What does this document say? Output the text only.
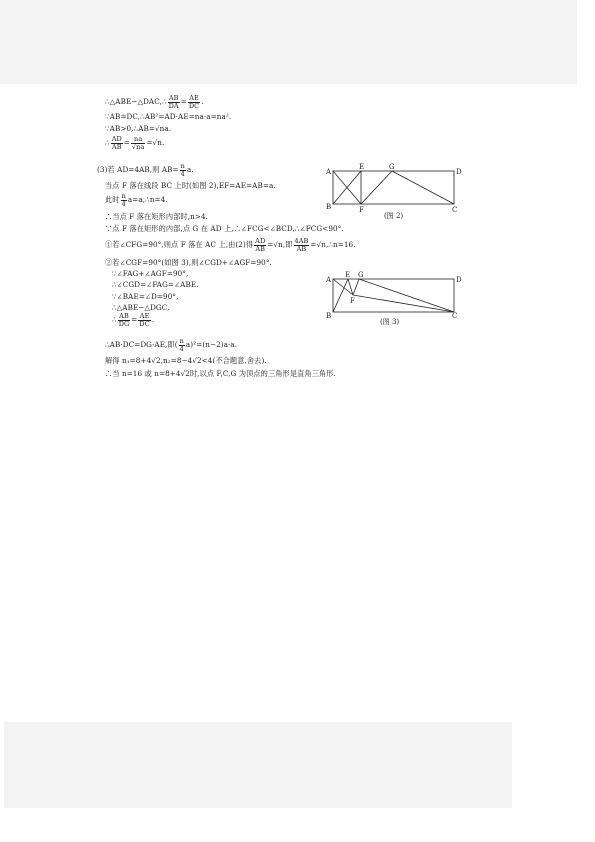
∴△ABE∽△DAC,∴ $\frac{AB}{DA} = \frac{AE}{DC}$ .
∵AB=DC,∴AB²=AD·AE=na·a=na².
∵AB>0,∴AB=√na.
∴ $\frac{AD}{AB} = \frac{na}{√na} =√n$.
(3)若 AD=4AB,则 $AB= \frac{n}{4} a$.
当点 F 落在线段 BC 上时(如图 2),EF=AE=AB=a.
此时 $\frac{n}{4}$ a=a,∴n=4.
∴当点 F 落在矩形内部时,n>4.
∵点 F 落在矩形的内部,点 G 在 AD 上,∴∠FCG<∠BCD,∴∠FCG<90°.
①若∠CFG=90°,则点 F 落在 AC 上,由(2)得 $\frac{AD}{AB} =√n$,即 $\frac{4AB}{AB}$ =√n,∴n=16.
②若∠CGF=90°(如图 3),则∠CGD+∠AGF=90°.
∵∠FAG+∠AGF=90°,
∴∠CGD=∠FAG=∠ABE.
∵∠BAE=∠D=90°,
∴△ABE∽△DGC,
∴ $\frac{AB}{DG} = \frac{AE}{DC}$ .
∴AB·DC=DG·AE,即( $\frac{n}{4} a)^2=(n-2)a\cdot a$.
解得 n₁=8+4√2,n₂=8−4√2<4(不合题意,舍去).
∴当 n=16 或 n=8+4√2时,以点 F,C,G 为顶点的三角形是直角三角形.
A
E	G
D
B	F	C
(图 2)
A
E G
D
B
F
C
(图 3)
